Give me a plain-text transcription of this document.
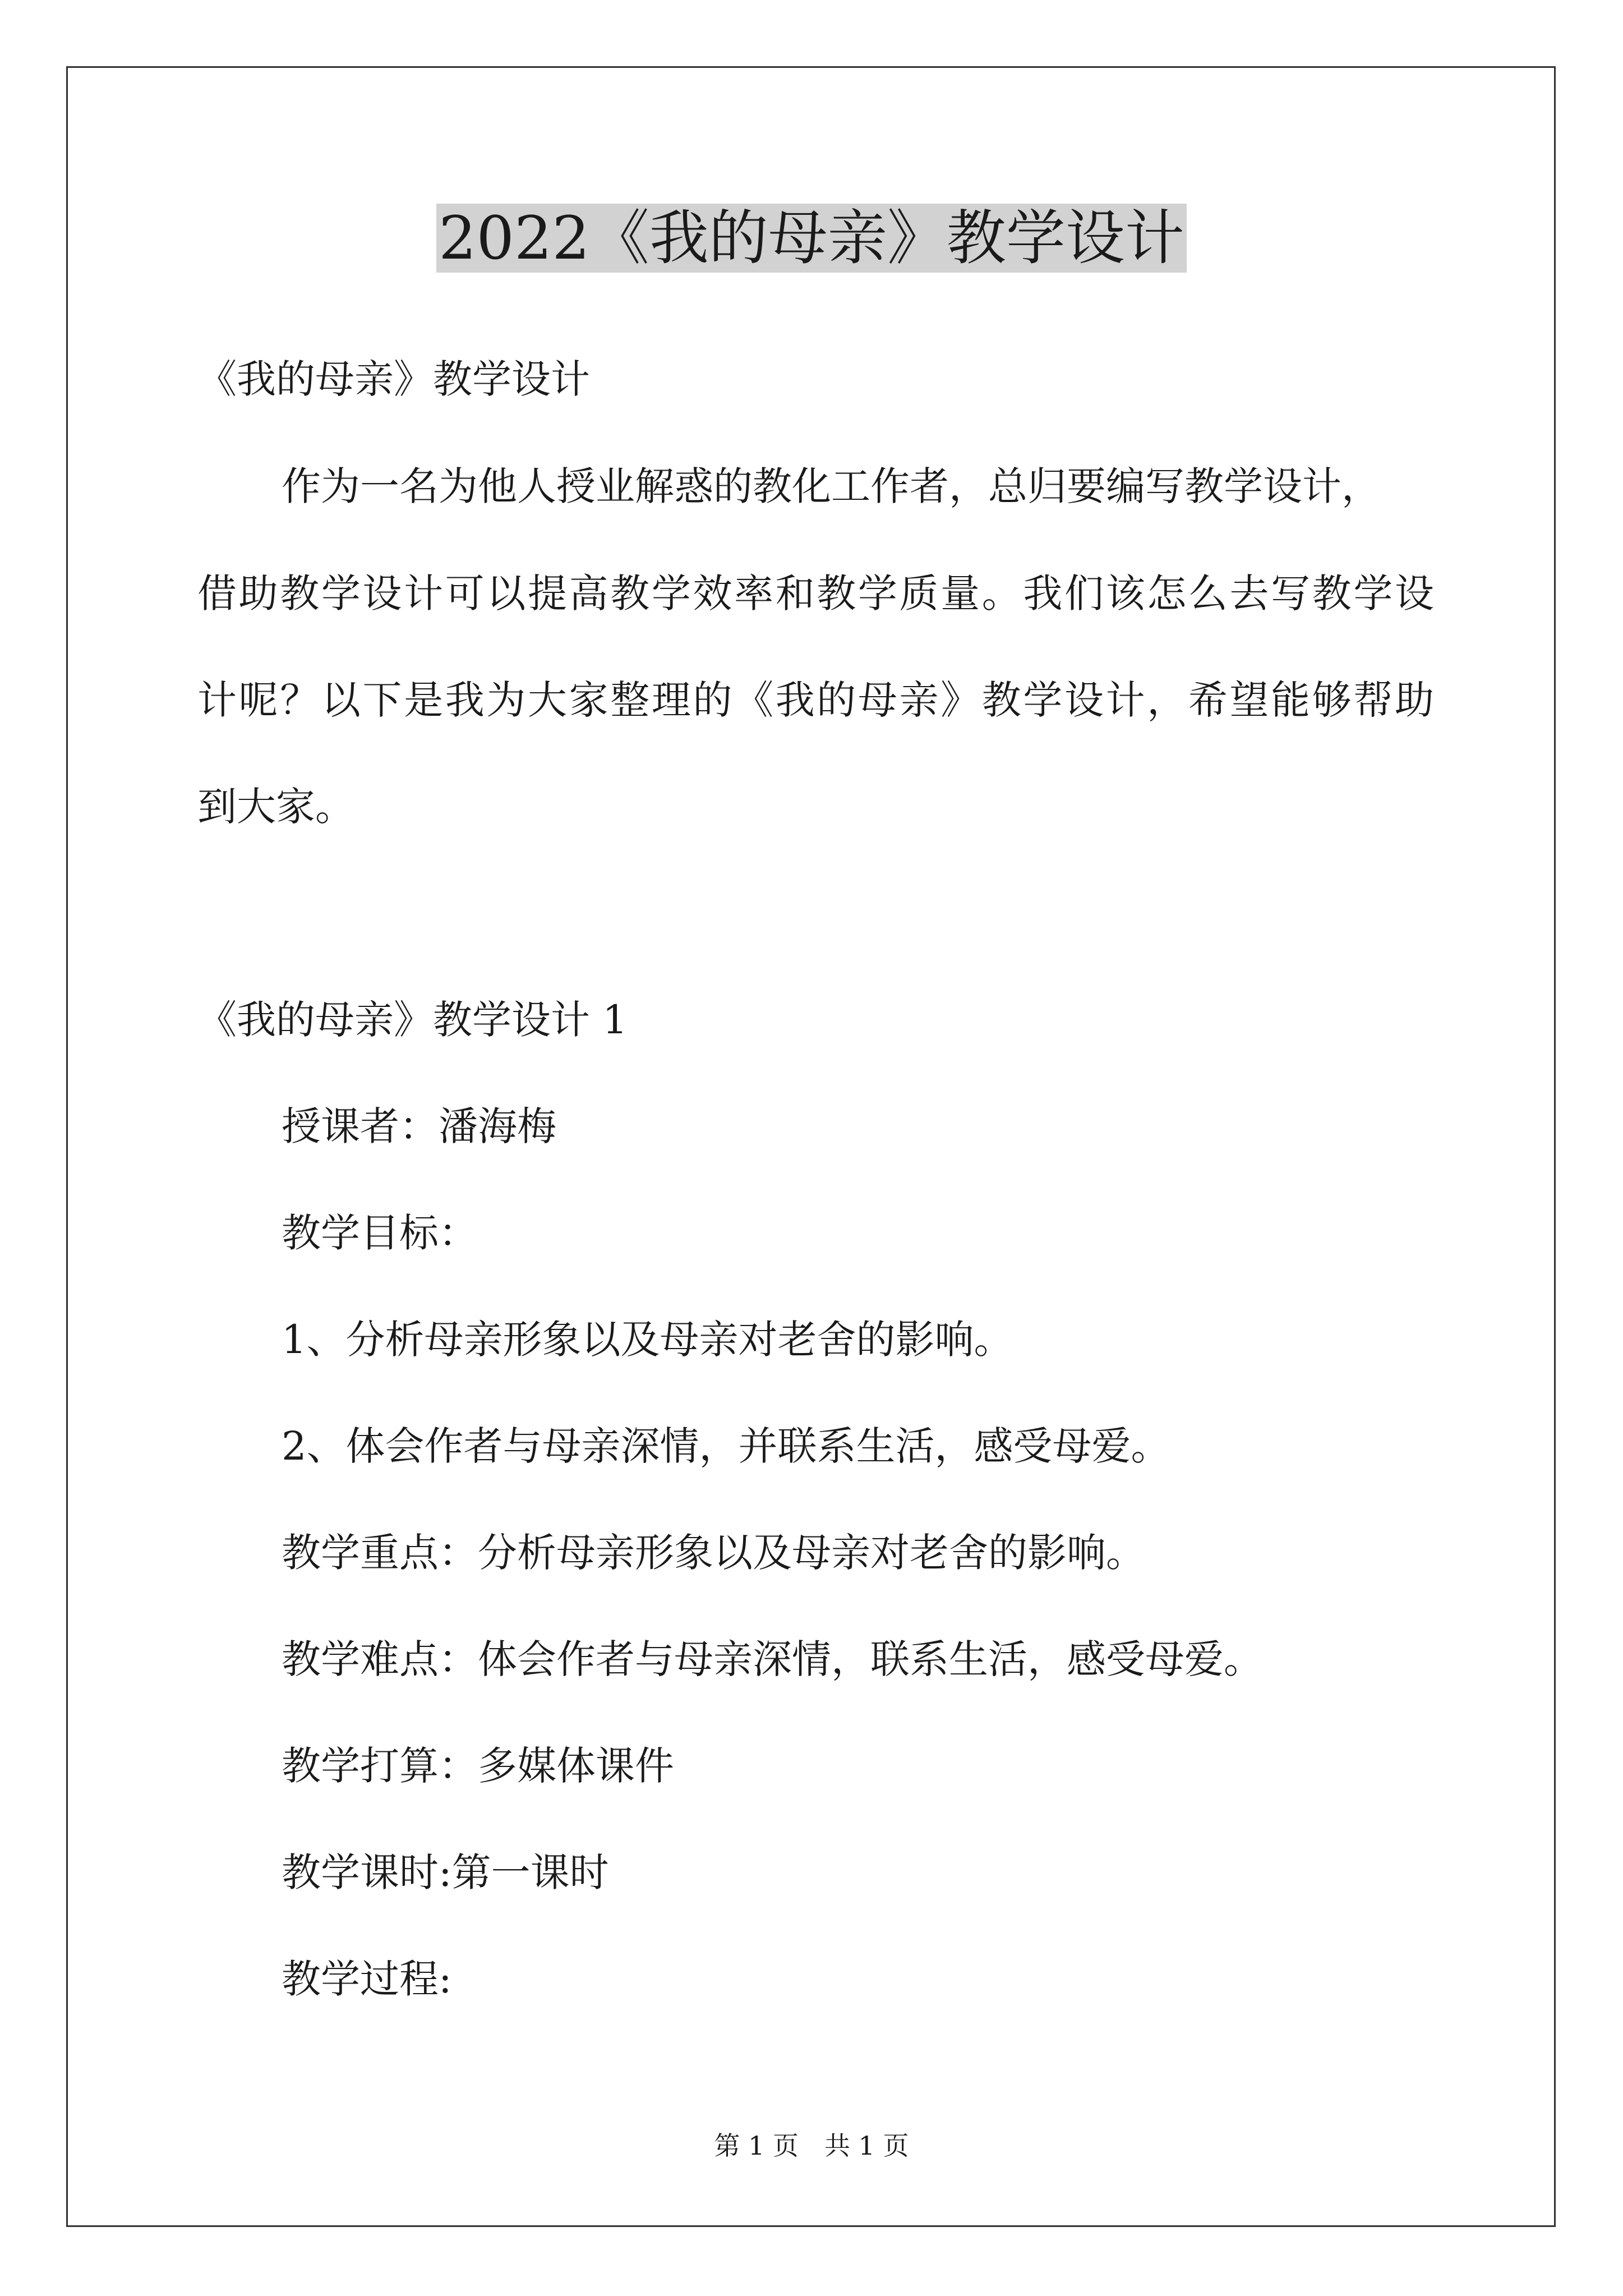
2022《我的母亲》教学设计
《我的母亲》教学设计
作为一名为他人授业解惑的教化工作者，总归要编写教学设计，
借助教学设计可以提高教学效率和教学质量。我们该怎么去写教学设
计呢？以下是我为大家整理的《我的母亲》教学设计，希望能够帮助
到大家。
《我的母亲》教学设计 1
授课者：潘海梅
教学目标：
1、分析母亲形象以及母亲对老舍的影响。
2、体会作者与母亲深情，并联系生活，感受母爱。
教学重点：分析母亲形象以及母亲对老舍的影响。
教学难点：体会作者与母亲深情，联系生活，感受母爱。
教学打算：多媒体课件
教学课时:第一课时
教学过程:
第 1 页　共 1 页
